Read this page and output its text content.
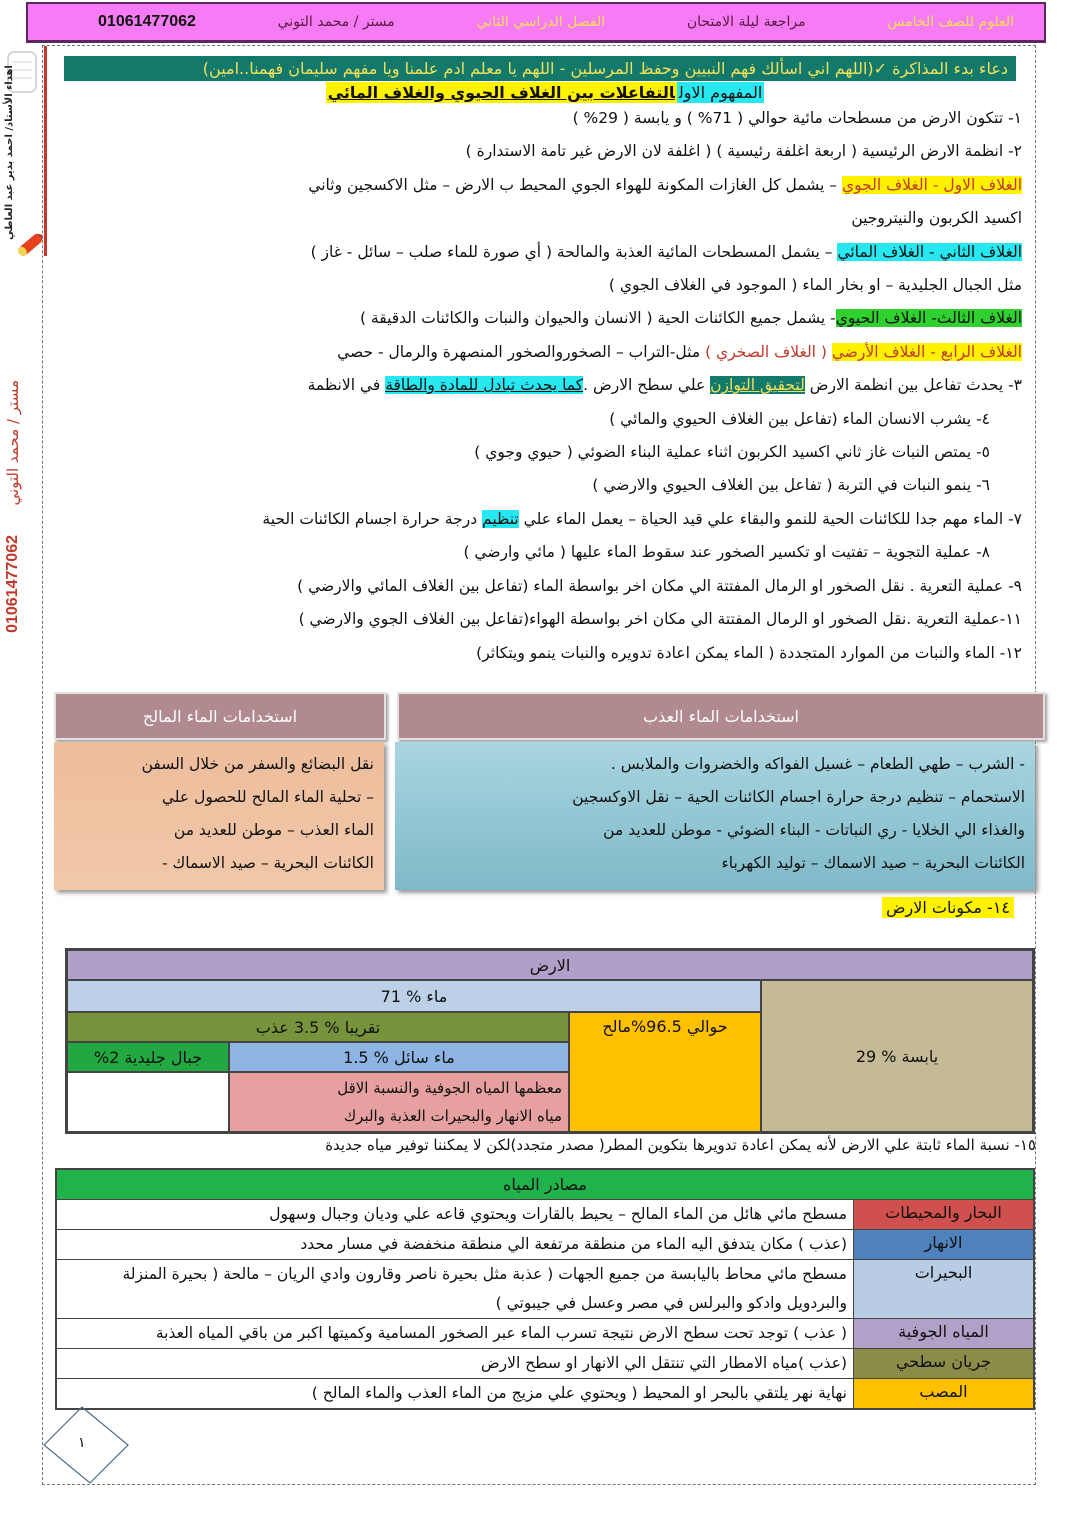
العلوم للصف الخامس
مراجعة ليلة الامتحان
الفصل الدراسي الثاني
مستر / محمد التوني
01061477062
اهداء الأستاذ/ احمد بدير عبد العاطي
مستر / محمد التوني
01061477062
دعاء بدء المذاكرة ✓(اللهم اني اسألك فهم النبيين وحفظ المرسلين - اللهم يا معلم ادم علمنا ويا مفهم سليمان فهمنا..امين)
المفهوم الاولالتفاعلات بين الغلاف الحيوي والغلاف المائي
١- تتكون الارض من مسطحات مائية حوالي ( 71% ) و يابسة ( 29% )
٢- انظمة الارض الرئيسية ( اربعة اغلفة رئيسية ) ( اغلفة لان الارض غير تامة الاستدارة )
الغلاف الاول - الغلاف الجوي – يشمل كل الغازات المكونة للهواء الجوي المحيط ب الارض – مثل الاكسجين وثاني
اكسيد الكربون والنيتروجين
الغلاف الثاني - الغلاف المائي – يشمل المسطحات المائية العذبة والمالحة ( أي صورة للماء صلب – سائل - غاز )
مثل الجبال الجليدية – او بخار الماء ( الموجود في الغلاف الجوي )
الغلاف الثالث- الغلاف الحيوي- يشمل جميع الكائنات الحية ( الانسان والحيوان والنبات والكائنات الدقيقة )
الغلاف الرابع - الغلاف الأرضي ( الغلاف الصخري ) مثل-التراب – الصخوروالصخور المنصهرة والرمال - حصي
٣- يحدث تفاعل بين انظمة الارض لتحقيق التوازن علي سطح الارض .كما يحدث تبادل للمادة والطاقة في الانظمة
٤- يشرب الانسان الماء (تفاعل بين الغلاف الحيوي والمائي )
٥- يمتص النبات غاز ثاني اكسيد الكربون اثناء عملية البناء الضوئي ( حيوي وجوي )
٦- ينمو النبات في التربة ( تفاعل بين الغلاف الحيوي والارضي )
٧- الماء مهم جدا للكائنات الحية للنمو والبقاء علي قيد الحياة – يعمل الماء علي تنظيم درجة حرارة اجسام الكائنات الحية
٨- عملية التجوية – تفتيت او تكسير الصخور عند سقوط الماء عليها ( مائي وارضي )
٩- عملية التعرية . نقل الصخور او الرمال المفتتة الي مكان اخر بواسطة الماء (تفاعل بين الغلاف المائي والارضي )
١١-عملية التعرية .نقل الصخور او الرمال المفتتة الي مكان اخر بواسطة الهواء(تفاعل بين الغلاف الجوي والارضي )
١٢- الماء والنبات من الموارد المتجددة ( الماء يمكن اعادة تدويره والنبات ينمو ويتكاثر)
استخدامات الماء العذب
استخدامات الماء المالح
- الشرب – طهي الطعام – غسيل الفواكه والخضروات والملابس .
الاستحمام – تنظيم درجة حرارة اجسام الكائنات الحية – نقل الاوكسجين
والغذاء الي الخلايا - ري النباتات - البناء الضوئي - موطن للعديد من
الكائنات البحرية – صيد الاسماك – توليد الكهرباء
نقل البضائع والسفر من خلال السفن
– تحلية الماء المالح للحصول علي
الماء العذب – موطن للعديد من
الكائنات البحرية – صيد الاسماك -
١٤- مكونات الارض
الارض
ماء % 71
يابسة % 29
حوالي 96.5%مالح
تقريبا % 3.5 عذب
جبال جليدية 2%	ماء سائل % 1.5
معظمها المياه الجوفية والنسبة الاقل
مياه الانهار والبحيرات العذبة والبرك
١٥- نسبة الماء ثابتة علي الارض لأنه يمكن اعادة تدويرها بتكوين المطر( مصدر متجدد)لكن لا يمكننا توفير مياه جديدة
مصادر المياه
البحار والمحيطات
مسطح مائي هائل من الماء المالح – يحيط بالقارات ويحتوي قاعه علي وديان وجبال وسهول
الانهار
(عذب ) مكان يتدفق اليه الماء من منطقة مرتفعة الي منطقة منخفضة في مسار محدد
البحيرات
مسطح مائي محاط باليابسة من جميع الجهات ( عذبة مثل بحيرة ناصر وقارون وادي الريان – مالحة ( بحيرة المنزلة والبردويل وادكو والبرلس في مصر وعسل في جيبوتي )
المياه الجوفية
( عذب ) توجد تحت سطح الارض نتيجة تسرب الماء عبر الصخور المسامية وكميتها اكبر من باقي المياه العذبة
جريان سطحي
(عذب )مياه الامطار التي تنتقل الي الانهار او سطح الارض
المصب
نهاية نهر يلتقي بالبحر او المحيط ( ويحتوي علي مزيج من الماء العذب والماء المالح )
١
